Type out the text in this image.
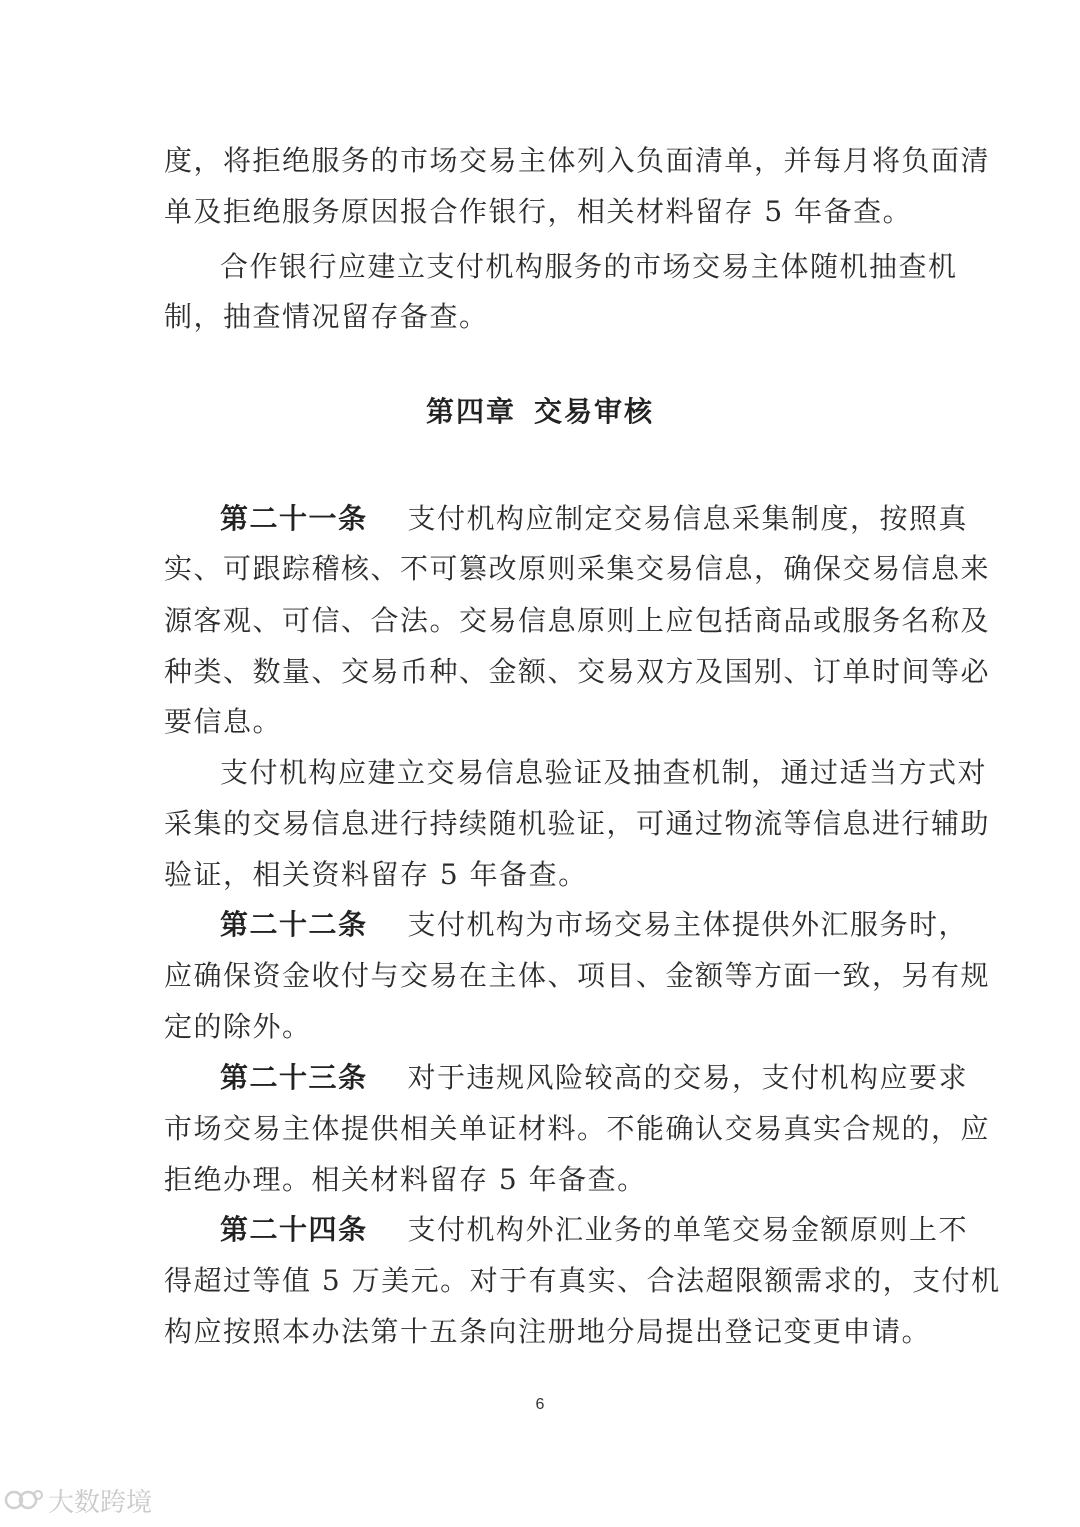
度，将拒绝服务的市场交易主体列入负面清单，并每月将负面清
单及拒绝服务原因报合作银行，相关材料留存 5 年备查。
合作银行应建立支付机构服务的市场交易主体随机抽查机
制，抽查情况留存备查。
第四章 交易审核
第二十一条 支付机构应制定交易信息采集制度，按照真
实、可跟踪稽核、不可篡改原则采集交易信息，确保交易信息来
源客观、可信、合法。交易信息原则上应包括商品或服务名称及
种类、数量、交易币种、金额、交易双方及国别、订单时间等必
要信息。
支付机构应建立交易信息验证及抽查机制，通过适当方式对
采集的交易信息进行持续随机验证，可通过物流等信息进行辅助
验证，相关资料留存 5 年备查。
第二十二条 支付机构为市场交易主体提供外汇服务时，
应确保资金收付与交易在主体、项目、金额等方面一致，另有规
定的除外。
第二十三条 对于违规风险较高的交易，支付机构应要求
市场交易主体提供相关单证材料。不能确认交易真实合规的，应
拒绝办理。相关材料留存 5 年备查。
第二十四条 支付机构外汇业务的单笔交易金额原则上不
得超过等值 5 万美元。对于有真实、合法超限额需求的，支付机
构应按照本办法第十五条向注册地分局提出登记变更申请。
6
大数跨境
